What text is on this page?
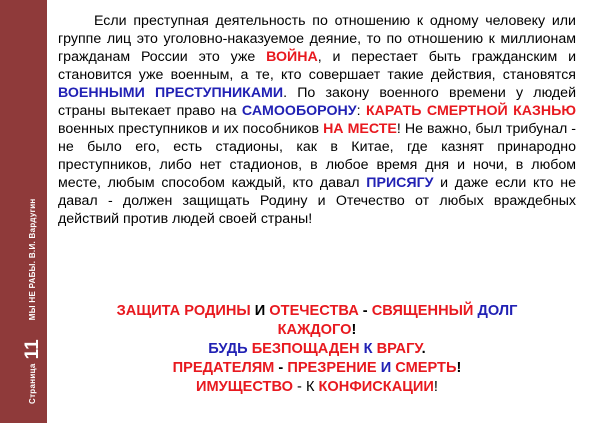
Страница
11
МЫ НЕ РАБЫ. В.И. Вардугин

Если преступная деятельность по отношению к одному человеку или группе лиц это уголовно-наказуемое деяние, то по отношению к миллионам гражданам России это уже ВОЙНА, и перестает быть гражданским и становится уже военным, а те, кто совершает такие действия, становятся ВОЕННЫМИ ПРЕСТУПНИКАМИ. По закону военного времени у людей страны вытекает право на САМООБОРОНУ: КАРАТЬ СМЕРТНОЙ КАЗНЬЮ военных преступников и их пособников НА МЕСТЕ! Не важно, был трибунал - не было его, есть стадионы, как в Китае, где казнят принародно преступников, либо нет стадионов, в любое время дня и ночи, в любом месте, любым способом каждый, кто давал ПРИСЯГУ и даже если кто не давал - должен защищать Родину и Отечество от любых враждебных действий против людей своей страны!

ЗАЩИТА РОДИНЫ И ОТЕЧЕСТВА - СВЯЩЕННЫЙ ДОЛГ

КАЖДОГО!

БУДЬ БЕЗПОЩАДЕН К ВРАГУ.

ПРЕДАТЕЛЯМ - ПРЕЗРЕНИЕ И СМЕРТЬ!

ИМУЩЕСТВО - К КОНФИСКАЦИИ!
